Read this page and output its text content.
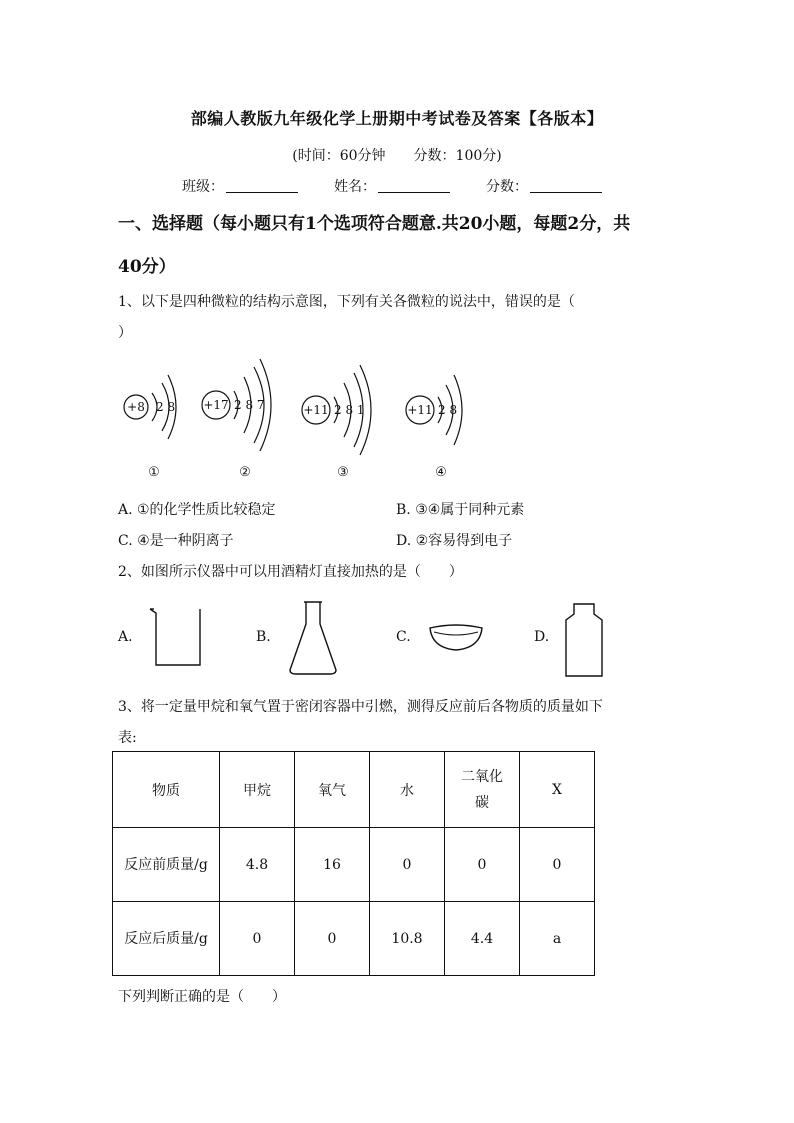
部编人教版九年级化学上册期中考试卷及答案【各版本】
(时间：60分钟　　分数：100分)
班级：	姓名：	分数：
一、选择题（每小题只有1个选项符合题意.共20小题，每题2分，共
40分）
1、以下是四种微粒的结构示意图，下列有关各微粒的说法中，错误的是（
）
+8 2 8 +17 2 8 7	+11 2 8 1	+11 2 8
①	②	③	④
A. ①的化学性质比较稳定	B. ③④属于同种元素
C. ④是一种阴离子	D. ②容易得到电子
2、如图所示仪器中可以用酒精灯直接加热的是（　　）
A.	B.	C.	D.
3、将一定量甲烷和氧气置于密闭容器中引燃，测得反应前后各物质的质量如下
表:
物质	甲烷	氧气	水	二氧化碳	X
反应前质量/g	4.8	16	0	0	0
反应后质量/g	0	0	10.8	4.4	a
下列判断正确的是（　　）
